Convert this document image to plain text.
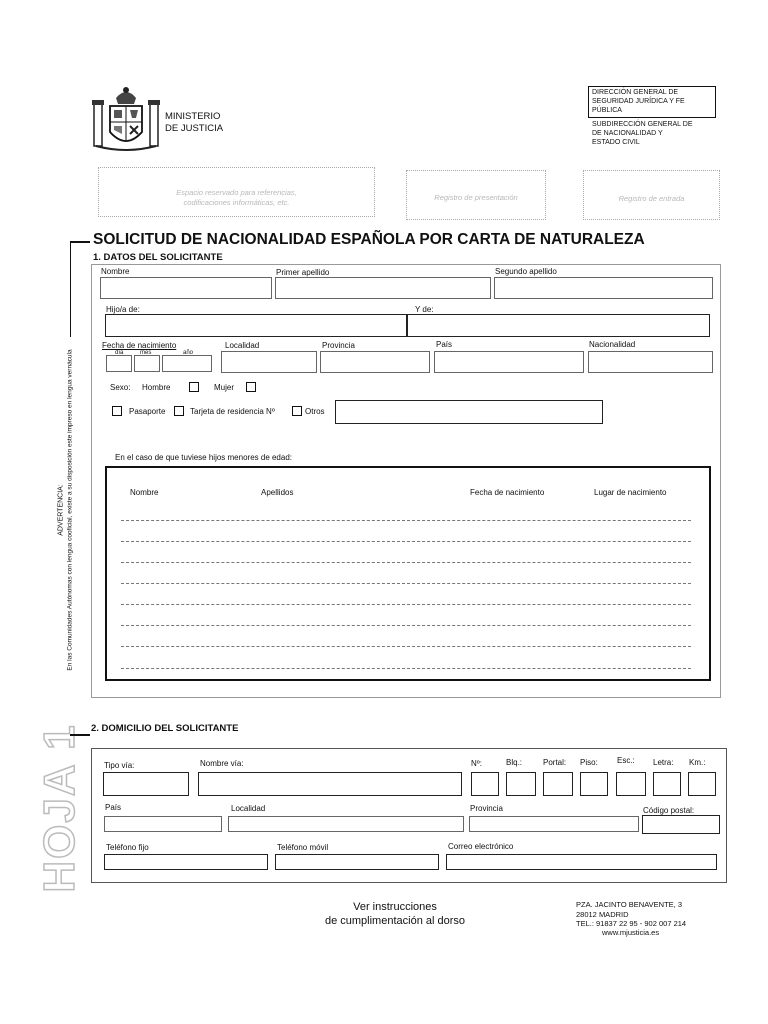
MINISTERIO
DE JUSTICIA
DIRECCIÓN GENERAL DE
SEGURIDAD JURÍDICA Y FE
PÚBLICA
SUBDIRECCIÓN GENERAL DE
DE NACIONALIDAD Y
ESTADO CIVIL
Espacio reservado para referencias,
codificaciones informáticas, etc.
Registro de presentación	Registro de entrada
SOLICITUD DE NACIONALIDAD ESPAÑOLA POR CARTA DE NATURALEZA
ADVERTENCIA: En las Comunidades Autónomas con lengua cooficial, existe a su disposición este impreso en lengua vernácula
HOJA 1
1. DATOS DEL SOLICITANTE
Nombre	Primer apellido	Segundo apellido
Hijo/a de:	Y de:
Fecha de nacimiento
día	mes	año
Localidad	Provincia	País	Nacionalidad
Sexo: Hombre	Mujer
Pasaporte	Tarjeta de residencia Nº	Otros
En el caso de que tuviese hijos menores de edad:
Nombre	Apellidos	Fecha de nacimiento	Lugar de nacimiento
2. DOMICILIO DEL SOLICITANTE
Tipo vía:	Nombre vía:	Nº:	Blq.:	Portal: Piso: Esc.: Letra: Km.:
País	Localidad	Provincia	Código postal:
Teléfono fijo	Teléfono móvil	Correo electrónico
Ver instrucciones
de cumplimentación al dorso
PZA. JACINTO BENAVENTE, 3
28012 MADRID
TEL.: 91837 22 95 - 902 007 214
www.mjusticia.es
